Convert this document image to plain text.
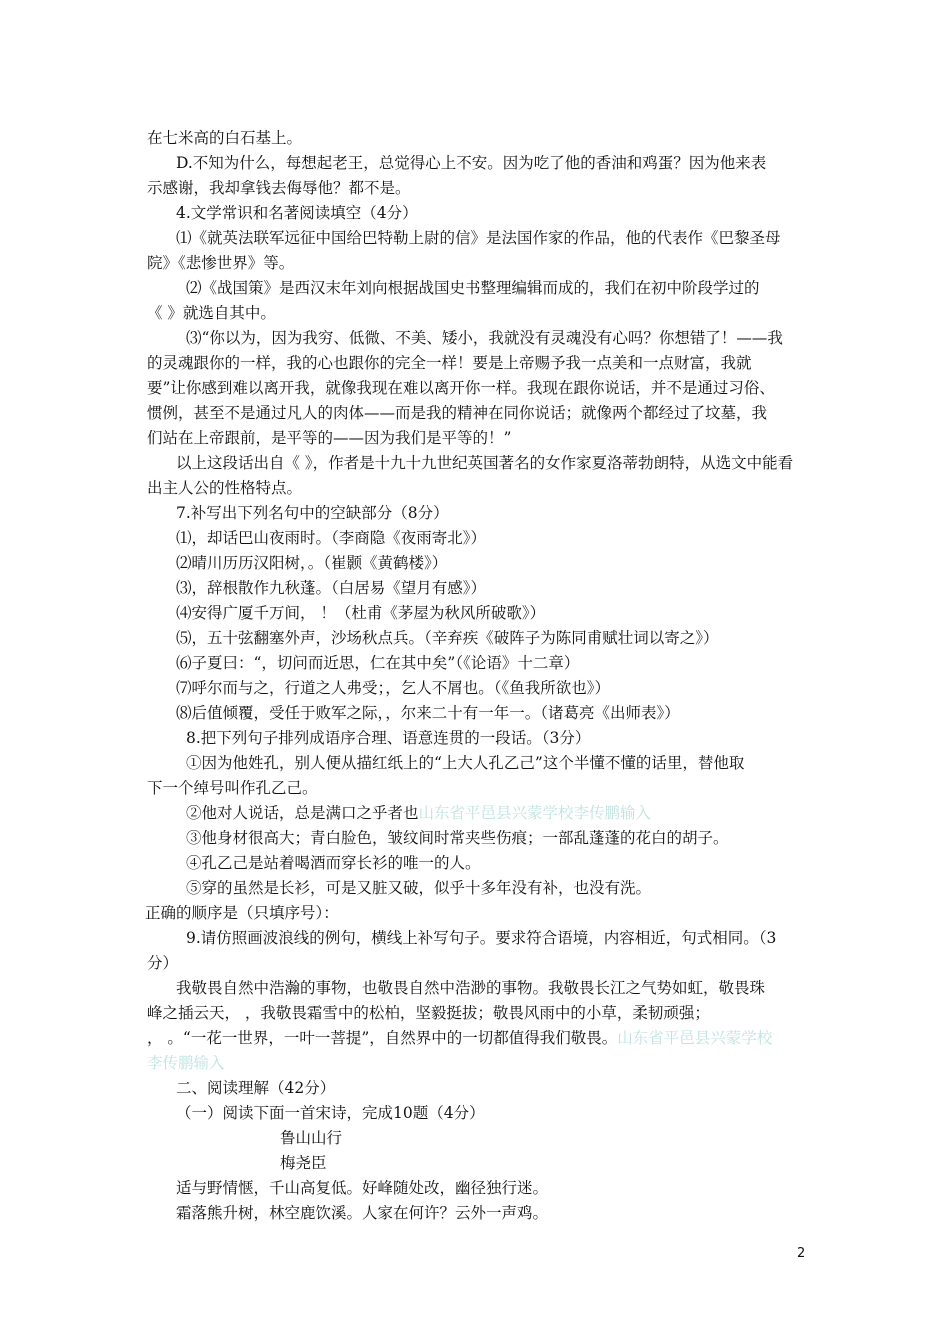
在七米高的白石基上。
D.不知为什么，每想起老王，总觉得心上不安。因为吃了他的香油和鸡蛋？因为他来表
示感谢，我却拿钱去侮辱他？都不是。
4.文学常识和名著阅读填空（4分）
⑴《就英法联军远征中国给巴特勒上尉的信》是法国作家的作品，他的代表作《巴黎圣母
院》《悲惨世界》等。
⑵《战国策》是西汉末年刘向根据战国史书整理编辑而成的，我们在初中阶段学过的
《 》就选自其中。
⑶“你以为，因为我穷、低微、不美、矮小，我就没有灵魂没有心吗？你想错了！——我
的灵魂跟你的一样，我的心也跟你的完全一样！要是上帝赐予我一点美和一点财富，我就
要”让你感到难以离开我，就像我现在难以离开你一样。我现在跟你说话，并不是通过习俗、
惯例，甚至不是通过凡人的肉体——而是我的精神在同你说话；就像两个都经过了坟墓，我
们站在上帝跟前，是平等的——因为我们是平等的！”
以上这段话出自《 》，作者是十九十九世纪英国著名的女作家夏洛蒂勃朗特，从选文中能看
出主人公的性格特点。
7.补写出下列名句中的空缺部分（8分）
⑴，却话巴山夜雨时。（李商隐《夜雨寄北》）
⑵晴川历历汉阳树，。（崔颢《黄鹤楼》）
⑶，辞根散作九秋蓬。（白居易《望月有感》）
⑷安得广厦千万间， ！（杜甫《茅屋为秋风所破歌》）
⑸，五十弦翻塞外声，沙场秋点兵。（辛弃疾《破阵子为陈同甫赋壮词以寄之》）
⑹子夏曰：“，切问而近思，仁在其中矣”（《论语》十二章）
⑺呼尔而与之，行道之人弗受；，乞人不屑也。（《鱼我所欲也》）
⑻后值倾覆，受任于败军之际，，尔来二十有一年一。（诸葛亮《出师表》）
8.把下列句子排列成语序合理、语意连贯的一段话。（3分）
①因为他姓孔，别人便从描红纸上的“上大人孔乙己”这个半懂不懂的话里，替他取
下一个绰号叫作孔乙己。
②他对人说话，总是满口之乎者也山东省平邑县兴蒙学校李传鹏输入
③他身材很高大；青白脸色，皱纹间时常夹些伤痕；一部乱蓬蓬的花白的胡子。
④孔乙己是站着喝酒而穿长衫的唯一的人。
⑤穿的虽然是长衫，可是又脏又破，似乎十多年没有补，也没有洗。
正确的顺序是（只填序号）：
9.请仿照画波浪线的例句，横线上补写句子。要求符合语境，内容相近，句式相同。（3
分）
我敬畏自然中浩瀚的事物，也敬畏自然中浩渺的事物。我敬畏长江之气势如虹，敬畏珠
峰之插云天， ，我敬畏霜雪中的松柏，坚毅挺拔；敬畏风雨中的小草，柔韧顽强；
， 。“一花一世界，一叶一菩提”，自然界中的一切都值得我们敬畏。山东省平邑县兴蒙学校
李传鹏输入
二、阅读理解（42分）
（一）阅读下面一首宋诗，完成10题（4分）
鲁山山行
梅尧臣
适与野情惬，千山高复低。好峰随处改，幽径独行迷。
霜落熊升树，林空鹿饮溪。人家在何许？云外一声鸡。
2
